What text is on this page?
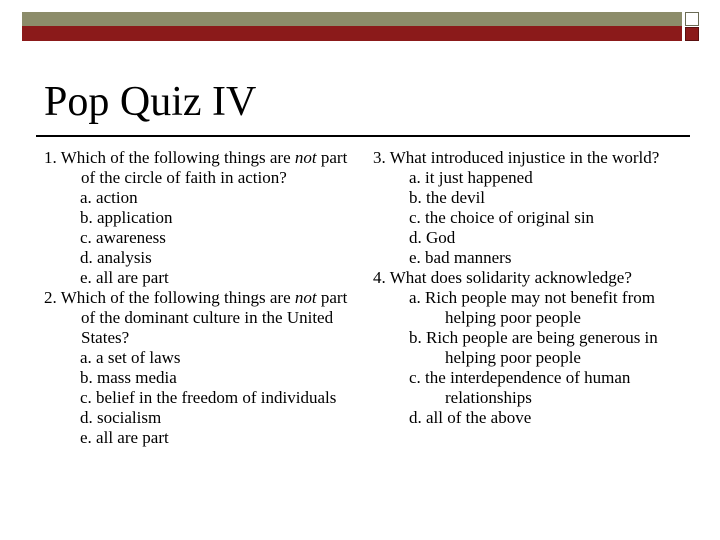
Pop Quiz IV

1. Which of the following things are not part of the circle of faith in action?

a. action

b. application

c. awareness

d. analysis

e. all are part

2. Which of the following things are not part of the dominant culture in the United States?

a. a set of laws

b. mass media

c. belief in the freedom of individuals

d. socialism

e. all are part

3. What introduced injustice in the world?

a. it just happened

b. the devil

c. the choice of original sin

d. God

e. bad manners

4. What does solidarity acknowledge?

a. Rich people may not benefit from helping poor people

b. Rich people are being generous in helping poor people

c. the interdependence of human relationships

d. all of the above
